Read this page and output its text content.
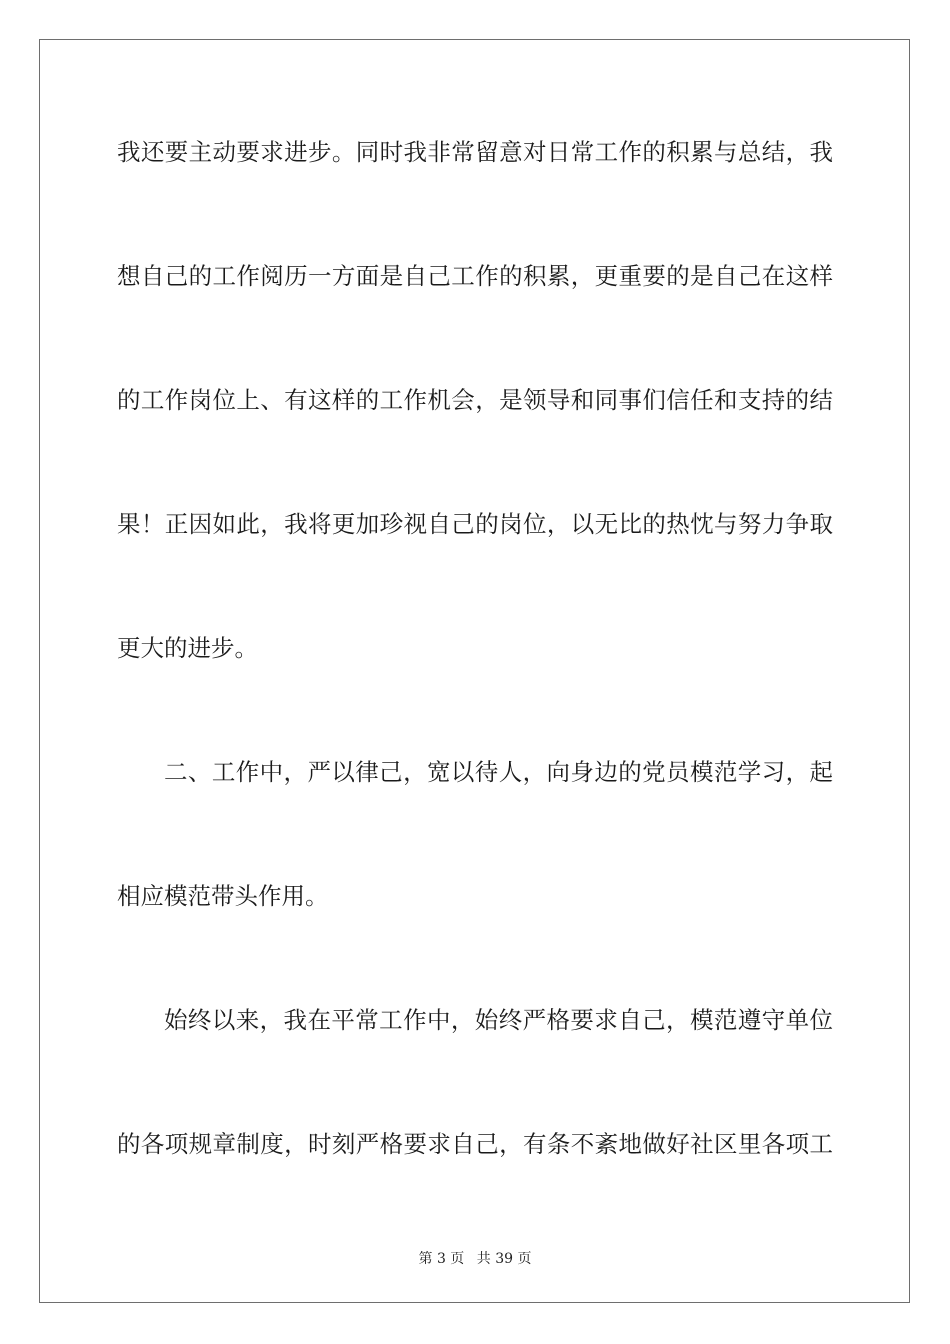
我还要主动要求进步。同时我非常留意对日常工作的积累与总结，我
想自己的工作阅历一方面是自己工作的积累，更重要的是自己在这样
的工作岗位上、有这样的工作机会，是领导和同事们信任和支持的结
果！正因如此，我将更加珍视自己的岗位，以无比的热忱与努力争取
更大的进步。
二、工作中，严以律己，宽以待人，向身边的党员模范学习，起
相应模范带头作用。
始终以来，我在平常工作中，始终严格要求自己，模范遵守单位
的各项规章制度，时刻严格要求自己，有条不紊地做好社区里各项工
第 3 页 共 39 页
